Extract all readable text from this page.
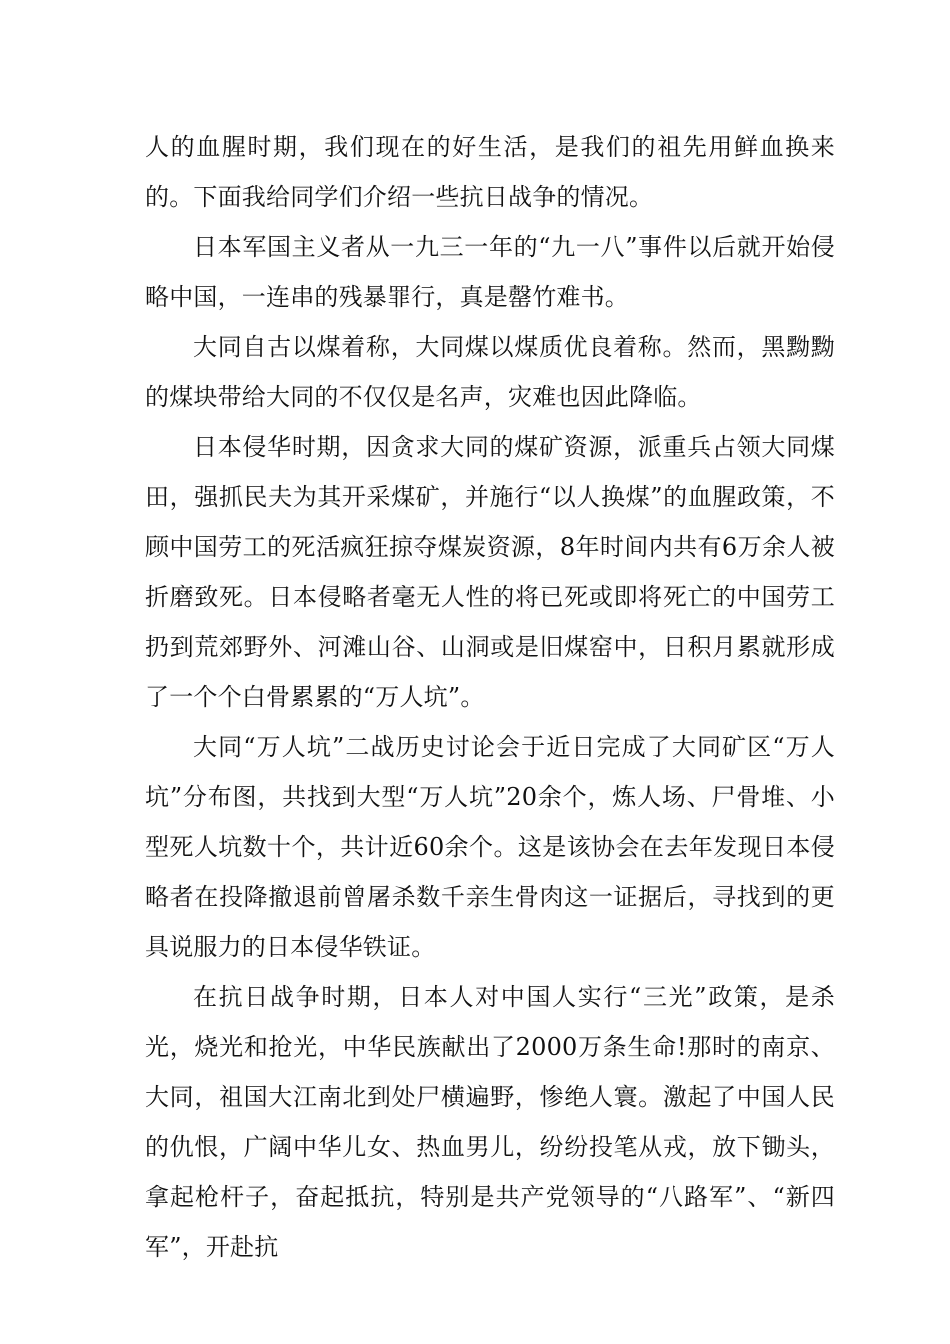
人的血腥时期，我们现在的好生活，是我们的祖先用鲜血换来的。下面我给同学们介绍一些抗日战争的情况。

日本军国主义者从一九三一年的“九一八”事件以后就开始侵略中国，一连串的残暴罪行，真是罄竹难书。

大同自古以煤着称，大同煤以煤质优良着称。然而，黑黝黝的煤块带给大同的不仅仅是名声，灾难也因此降临。

日本侵华时期，因贪求大同的煤矿资源，派重兵占领大同煤田，强抓民夫为其开采煤矿，并施行“以人换煤”的血腥政策，不顾中国劳工的死活疯狂掠夺煤炭资源，8年时间内共有6万余人被折磨致死。日本侵略者毫无人性的将已死或即将死亡的中国劳工扔到荒郊野外、河滩山谷、山洞或是旧煤窑中，日积月累就形成了一个个白骨累累的“万人坑”。

大同“万人坑”二战历史讨论会于近日完成了大同矿区“万人坑”分布图，共找到大型“万人坑”20余个，炼人场、尸骨堆、小型死人坑数十个，共计近60余个。这是该协会在去年发现日本侵略者在投降撤退前曾屠杀数千亲生骨肉这一证据后，寻找到的更具说服力的日本侵华铁证。

在抗日战争时期，日本人对中国人实行“三光”政策，是杀光，烧光和抢光，中华民族献出了2000万条生命!那时的南京、大同，祖国大江南北到处尸横遍野，惨绝人寰。激起了中国人民的仇恨，广阔中华儿女、热血男儿，纷纷投笔从戎，放下锄头，拿起枪杆子，奋起抵抗，特别是共产党领导的“八路军”、“新四军”，开赴抗
